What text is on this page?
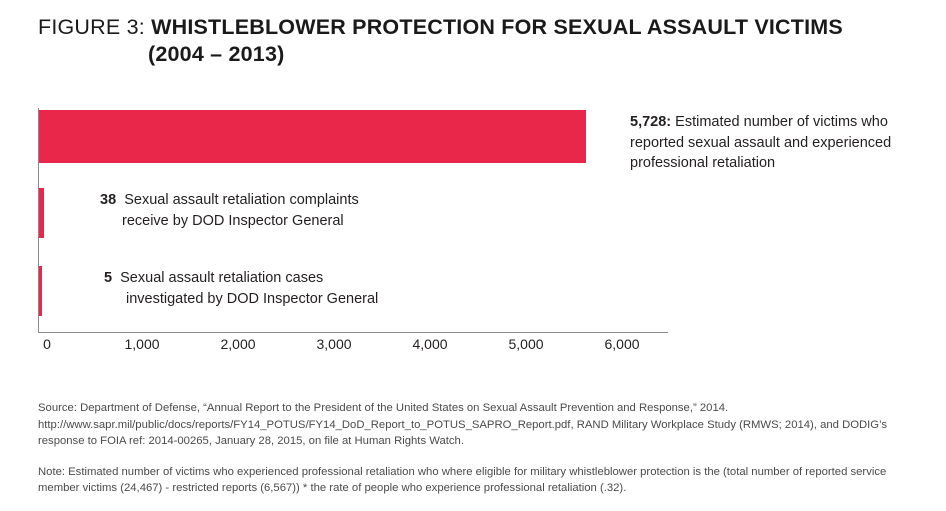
FIGURE 3: WHISTLEBLOWER PROTECTION FOR SEXUAL ASSAULT VICTIMS
(2004 – 2013)
5,728: Estimated number of victims who
reported sexual assault and experienced
professional retaliation
38 Sexual assault retaliation complaints
receive by DOD Inspector General
5 Sexual assault retaliation cases
investigated by DOD Inspector General
0	1,000	2,000	3,000	4,000	5,000	6,000
Source: Department of Defense, “Annual Report to the President of the United States on Sexual Assault Prevention and Response,” 2014. http://www.sapr.mil/public/docs/reports/FY14_POTUS/FY14_DoD_Report_to_POTUS_SAPRO_Report.pdf, RAND Military Workplace Study (RMWS; 2014), and DODIG’s response to FOIA ref: 2014-00265, January 28, 2015, on file at Human Rights Watch.
Note: Estimated number of victims who experienced professional retaliation who where eligible for military whistleblower protection is the (total number of reported service member victims (24,467) - restricted reports (6,567)) * the rate of people who experience professional retaliation (.32).
